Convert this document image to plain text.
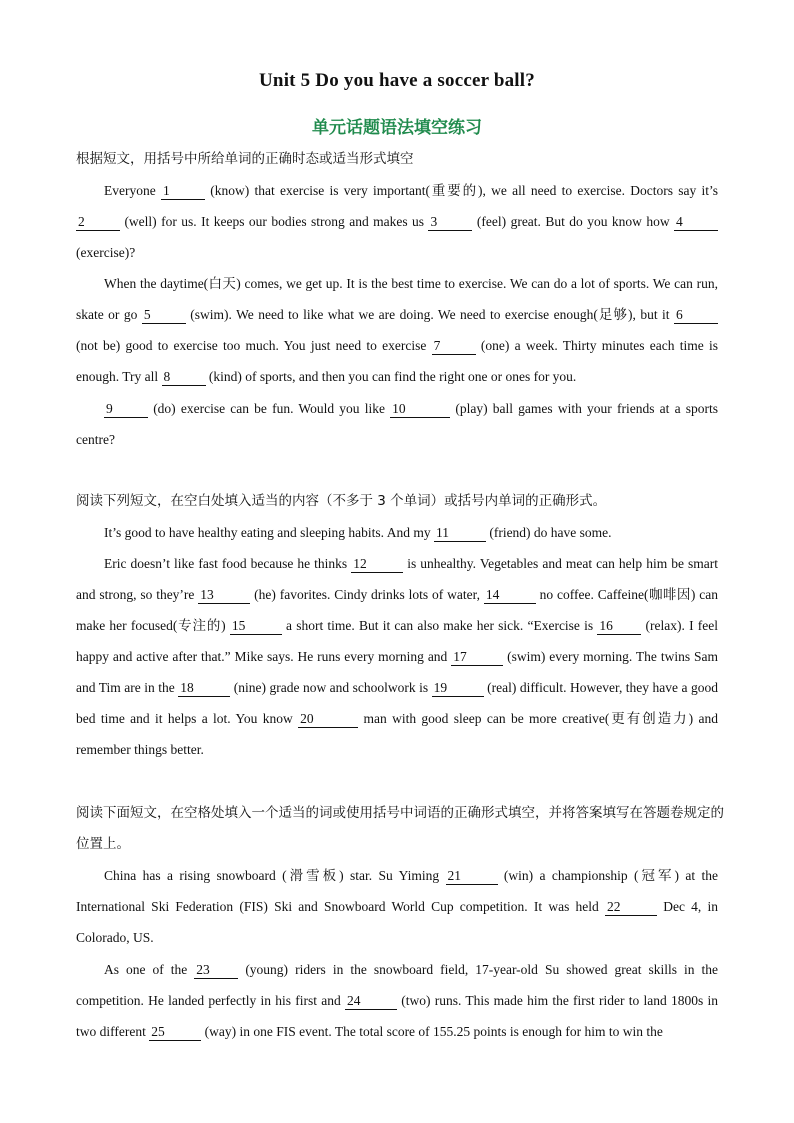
Unit 5 Do you have a soccer ball?
单元话题语法填空练习
根据短文，用括号中所给单词的正确时态或适当形式填空
Everyone 1	(know) that exercise is very important(重要的), we all need to exercise. Doctors say it’s 2	(well) for us. It keeps our bodies strong and makes us 3	(feel) great. But do you know how 4 (exercise)?
When the daytime(白天) comes, we get up. It is the best time to exercise. We can do a lot of sports. We can run, skate or go 5	(swim). We need to like what we are doing. We need to exercise enough(足够), but it 6 (not be) good to exercise too much. You just need to exercise 7	(one) a week. Thirty minutes each time is enough. Try all 8	(kind) of sports, and then you can find the right one or ones for you.
9	(do) exercise can be fun. Would you like 10	(play) ball games with your friends at a sports centre?
阅读下列短文，在空白处填入适当的内容（不多于 3 个单词）或括号内单词的正确形式。
It’s good to have healthy eating and sleeping habits. And my 11	(friend) do have some.
Eric doesn’t like fast food because he thinks 12	is unhealthy. Vegetables and meat can help him be smart and strong, so they’re 13	(he) favorites. Cindy drinks lots of water, 14	no coffee. Caffeine(咖啡因) can make her focused(专注的) 15	a short time. But it can also make her sick. “Exercise is 16 (relax). I feel happy and active after that.” Mike says. He runs every morning and 17	(swim) every morning. The twins Sam and Tim are in the 18	(nine) grade now and schoolwork is 19	(real) difficult. However, they have a good bed time and it helps a lot. You know 20	man with good sleep can be more creative(更有创造力) and remember things better.
阅读下面短文，在空格处填入一个适当的词或使用括号中词语的正确形式填空，并将答案填写在答题卷规定的位置上。
China has a rising snowboard (滑雪板) star. Su Yiming 21	(win) a championship (冠军) at the International Ski Federation (FIS) Ski and Snowboard World Cup competition. It was held 22	Dec 4, in Colorado, US.
As one of the 23	(young) riders in the snowboard field, 17-year-old Su showed great skills in the competition. He landed perfectly in his first and 24	(two) runs. This made him the first rider to land 1800s in two different 25	(way) in one FIS event. The total score of 155.25 points is enough for him to win the
